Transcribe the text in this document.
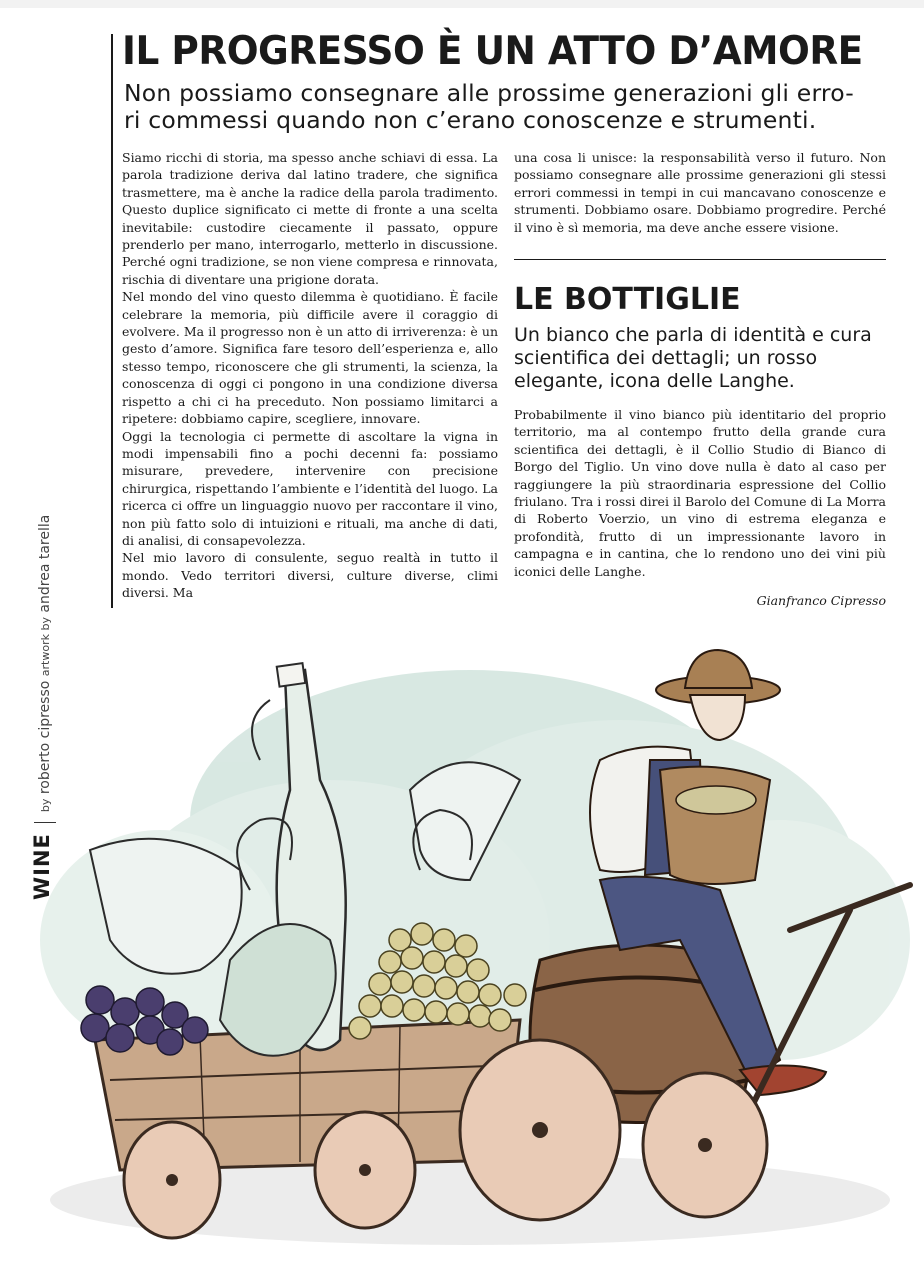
IL PROGRESSO È UN ATTO D’AMORE
Non possiamo consegnare alle prossime generazioni gli erro-
ri commessi quando non c’erano conoscenze e strumenti.

Siamo ricchi di storia, ma spesso anche schiavi di essa. La parola tradizione deriva dal latino tradere, che significa trasmettere, ma è anche la radice della parola tradimento. Questo duplice significato ci mette di fronte a una scelta inevitabile: custodire ciecamente il passato, oppure prenderlo per mano, interrogarlo, metterlo in discussione. Perché ogni tradizione, se non viene compresa e rinnovata, rischia di diventare una prigione dorata.

Nel mondo del vino questo dilemma è quotidiano. È facile celebrare la memoria, più difficile avere il coraggio di evolvere. Ma il progresso non è un atto di irriverenza: è un gesto d’amore. Significa fare tesoro dell’esperienza e, allo stesso tempo, riconoscere che gli strumenti, la scienza, la conoscenza di oggi ci pongono in una condizione diversa rispetto a chi ci ha preceduto. Non possiamo limitarci a ripetere: dobbiamo capire, scegliere, innovare.

Oggi la tecnologia ci permette di ascoltare la vigna in modi impensabili fino a pochi decenni fa: possiamo misurare, prevedere, intervenire con precisione chirurgica, rispettando l’ambiente e l’identità del luogo. La ricerca ci offre un linguaggio nuovo per raccontare il vino, non più fatto solo di intuizioni e rituali, ma anche di dati, di analisi, di consapevolezza.

Nel mio lavoro di consulente, seguo realtà in tutto il mondo. Vedo territori diversi, culture diverse, climi diversi. Ma

una cosa li unisce: la responsabilità verso il futuro. Non possiamo consegnare alle prossime generazioni gli stessi errori commessi in tempi in cui mancavano conoscenze e strumenti. Dobbiamo osare. Dobbiamo progredire. Perché il vino è sì memoria, ma deve anche essere visione.

LE BOTTIGLIE
Un bianco che parla di identità e cura scientifica dei dettagli; un rosso elegante, icona delle Langhe.

Probabilmente il vino bianco più identitario del proprio territorio, ma al contempo frutto della grande cura scientifica dei dettagli, è il Collio Studio di Bianco di Borgo del Tiglio. Un vino dove nulla è dato al caso per raggiungere la più straordinaria espressione del Collio friulano. Tra i rossi direi il Barolo del Comune di La Morra di Roberto Voerzio, un vino di estrema eleganza e profondità, frutto di un impressionante lavoro in campagna e in cantina, che lo rendono uno dei vini più iconici delle Langhe.

Gianfranco Cipresso
WINEby roberto cipresso artwork by andrea tarella
